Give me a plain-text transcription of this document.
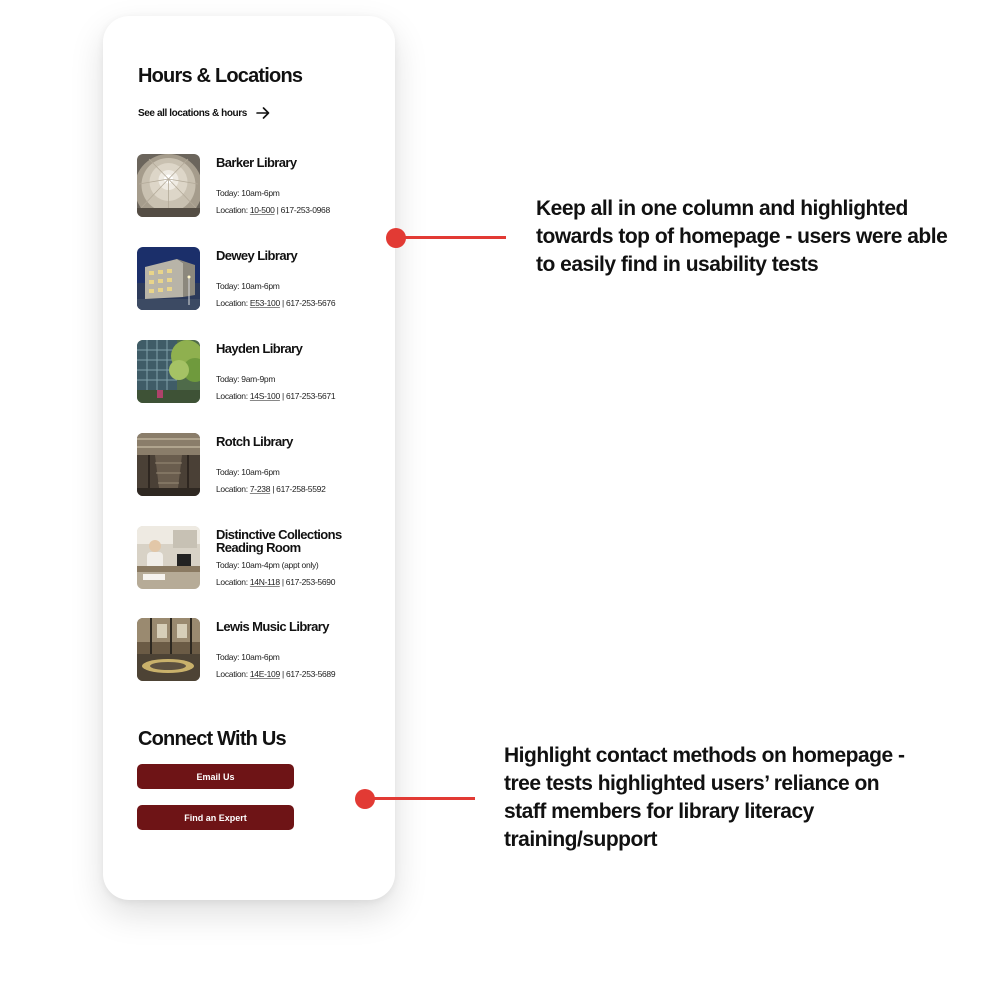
Hours & Locations
See all locations & hours
Barker Library
Today: 10am-6pm
Location: 10-500 | 617-253-0968
Dewey Library
Today: 10am-6pm
Location: E53-100 | 617-253-5676
Hayden Library
Today: 9am-9pm
Location: 14S-100 | 617-253-5671
Rotch Library
Today: 10am-6pm
Location: 7-238 | 617-258-5592
Distinctive Collections Reading Room
Today: 10am-4pm (appt only)
Location: 14N-118 | 617-253-5690
Lewis Music Library
Today: 10am-6pm
Location: 14E-109 | 617-253-5689
Connect With Us
Email Us
Find an Expert

Keep all in one column and highlighted towards top of homepage - users were able to easily find in usability tests

Highlight contact methods on homepage - tree tests highlighted users’ reliance on staff members for library literacy training/support
